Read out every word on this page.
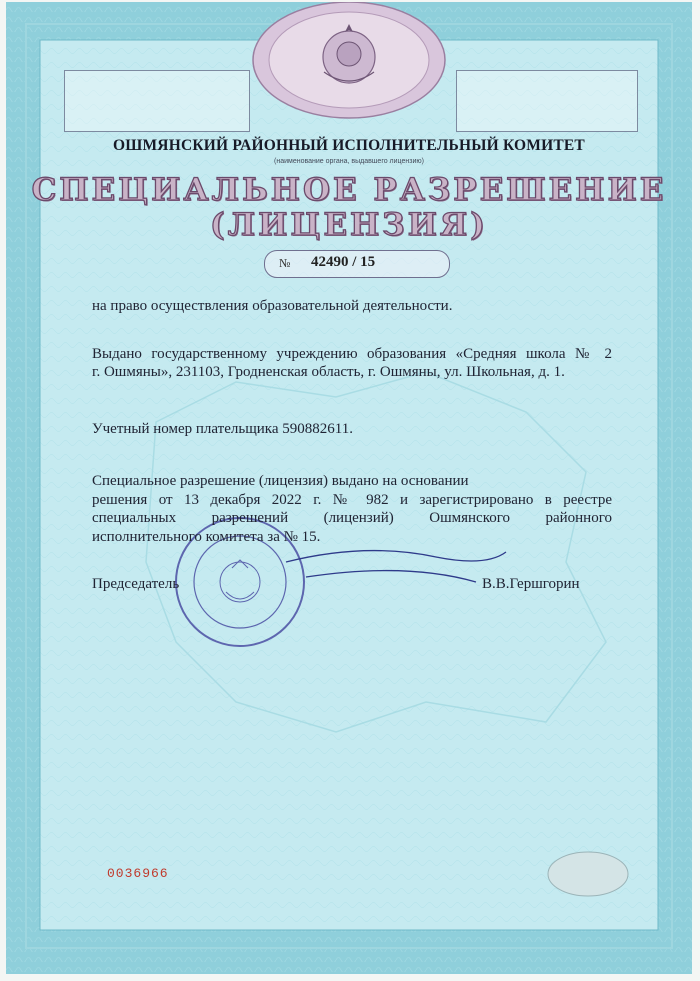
ОШМЯНСКИЙ РАЙОННЫЙ ИСПОЛНИТЕЛЬНЫЙ КОМИТЕТ
(наименование органа, выдавшего лицензию)
СПЕЦИАЛЬНОЕ РАЗРЕШЕНИЕ
(ЛИЦЕНЗИЯ)
№ 42490 / 15
на право осуществления образовательной деятельности.
Выдано государственному учреждению образования «Средняя школа № 2
г. Ошмяны», 231103, Гродненская область, г. Ошмяны, ул. Школьная, д. 1.
Учетный номер плательщика 590882611.
Специальное разрешение (лицензия) выдано на основании
решения от 13 декабря 2022 г. № 982 и зарегистрировано в реестре
специальных разрешений (лицензий) Ошмянского районного
исполнительного комитета за № 15.
Председатель	В.В.Гершгорин
0036966
